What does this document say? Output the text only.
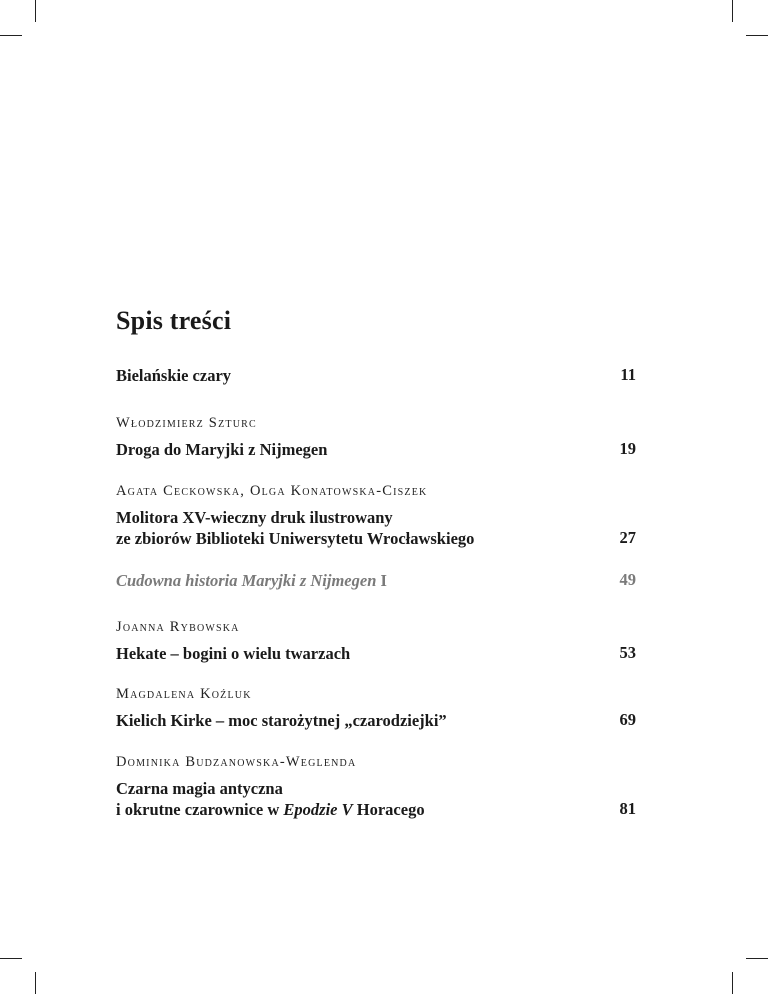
Spis treści
Bielańskie czary	11
Włodzimierz Szturc
Droga do Maryjki z Nijmegen	19
Agata Ceckowska, Olga Konatowska-Ciszek
Molitora XV-wieczny druk ilustrowany
ze zbiorów Biblioteki Uniwersytetu Wrocławskiego	27
Cudowna historia Maryjki z Nijmegen I	49
Joanna Rybowska
Hekate – bogini o wielu twarzach	53
Magdalena Koźluk
Kielich Kirke – moc starożytnej „czarodziejki”	69
Dominika Budzanowska-Weglenda
Czarna magia antyczna
i okrutne czarownice w Epodzie V Horacego	81
